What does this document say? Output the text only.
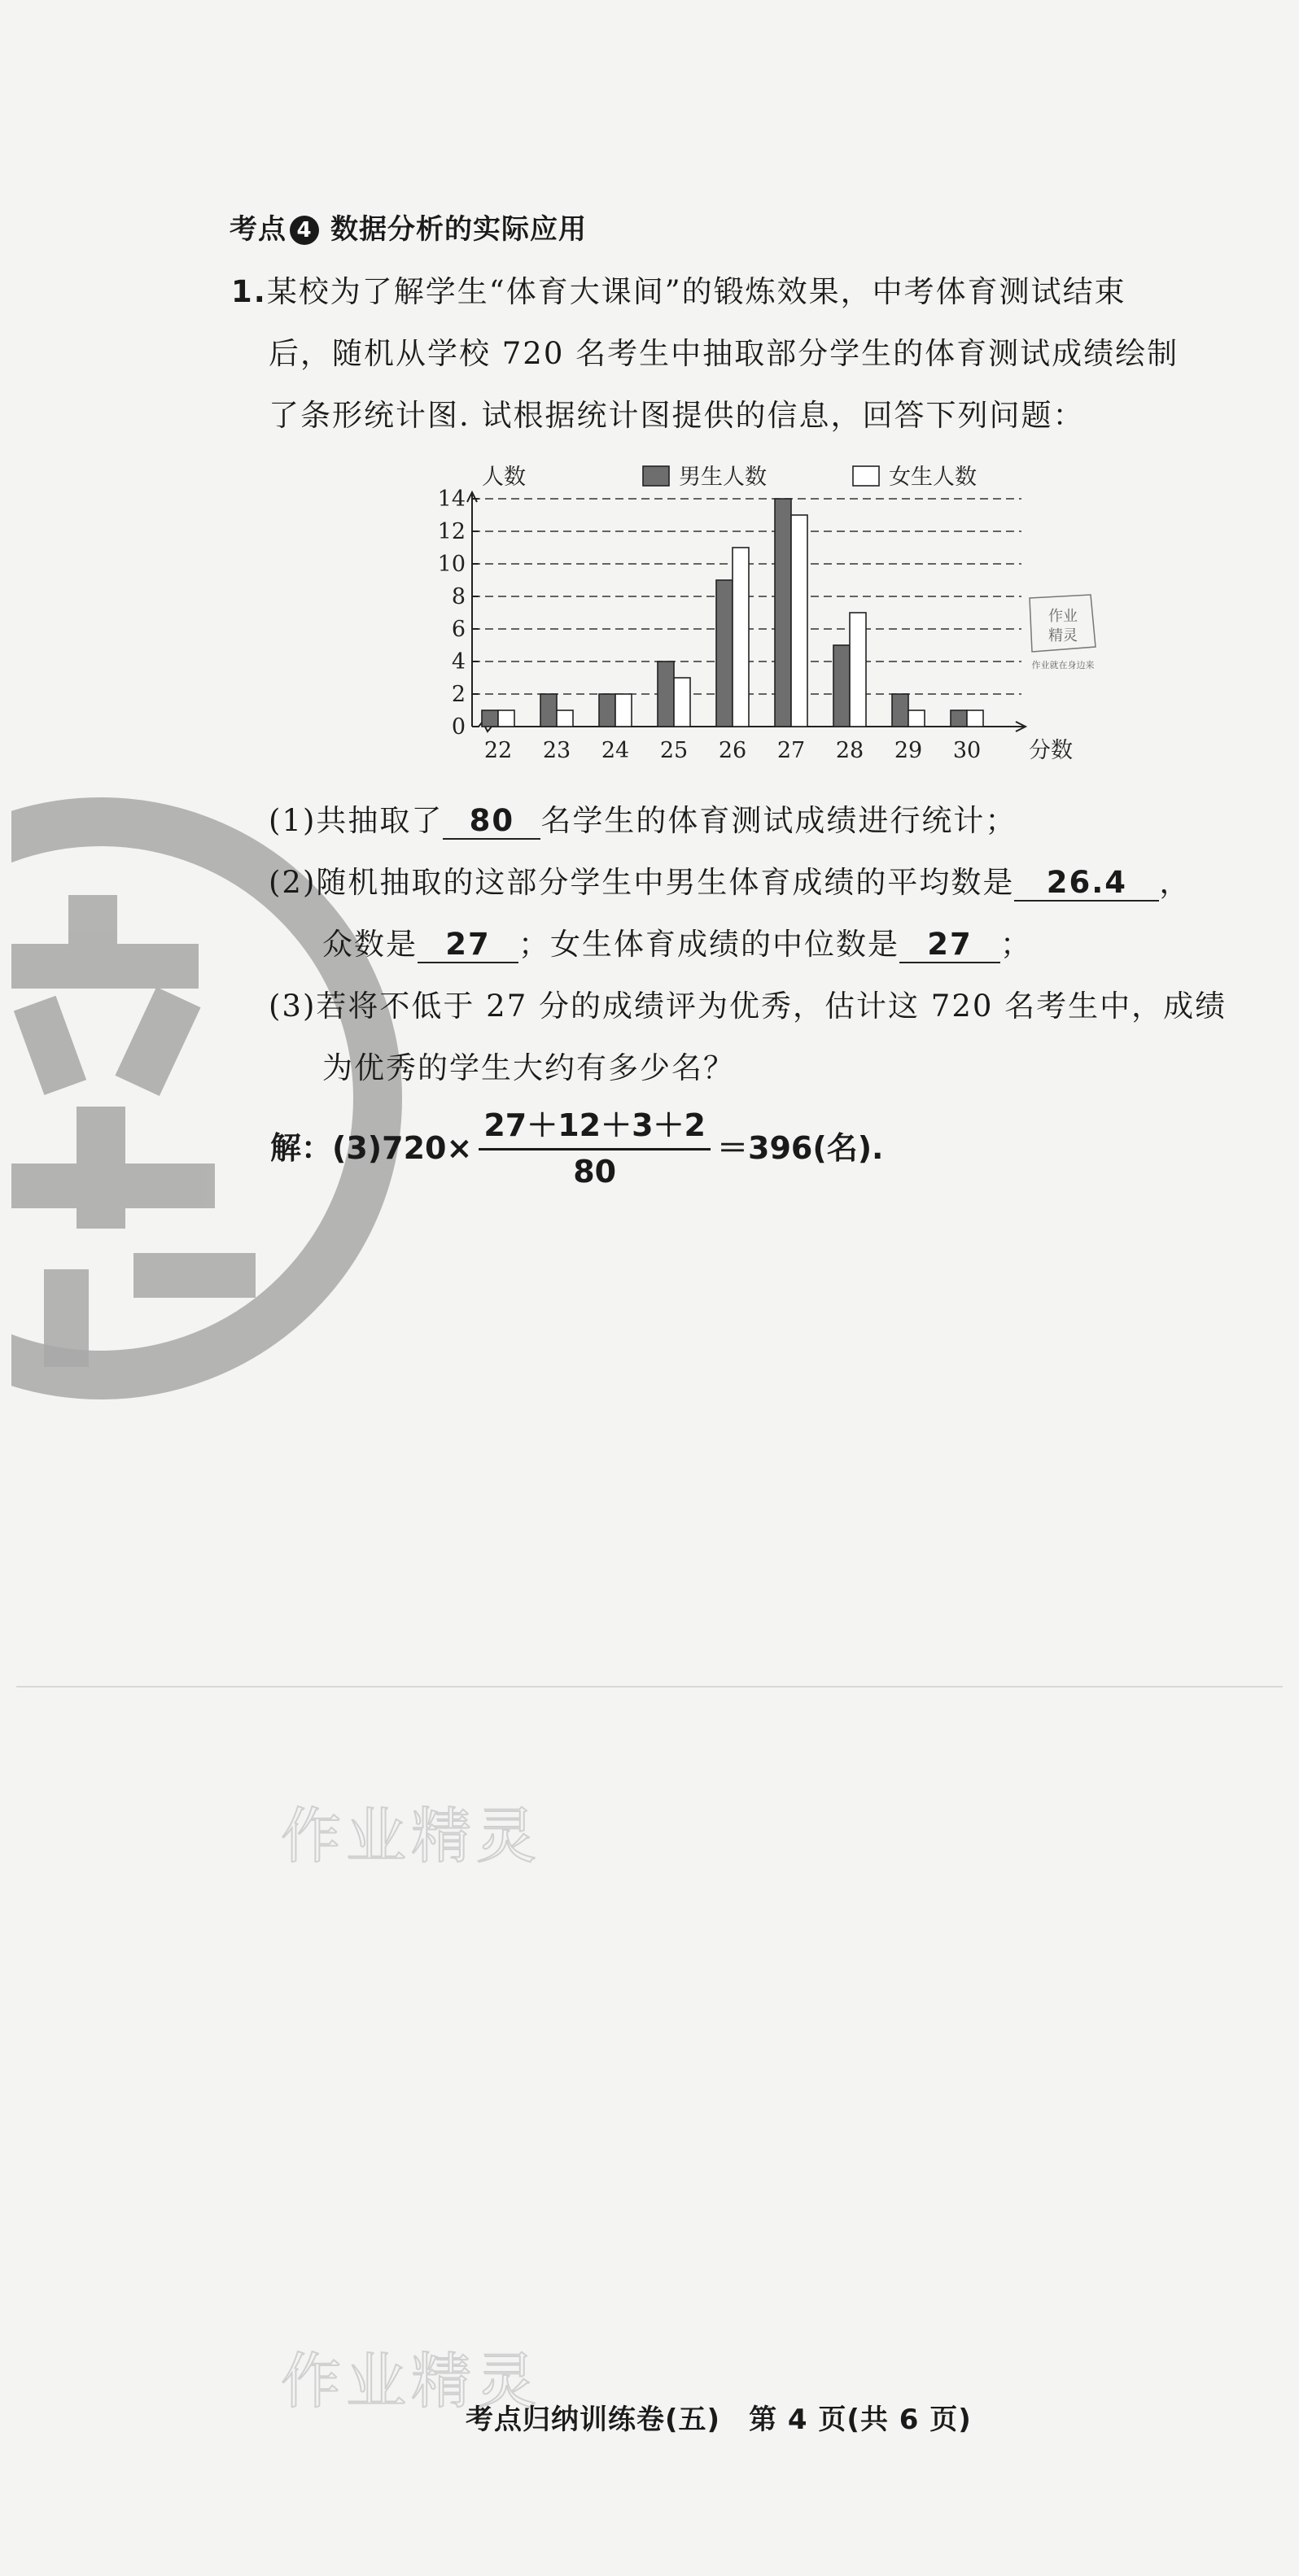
考点 4 数据分析的实际应用
1.某校为了解学生“体育大课间”的锻炼效果，中考体育测试结束
后，随机从学校 720 名考生中抽取部分学生的体育测试成绩绘制
了条形统计图. 试根据统计图提供的信息，回答下列问题：
0
2
4
6
8
10
12
14
人数
分数
22 23 24 25 26 27 28 29 30
男生人数	女生人数
作业
精灵
作业就在身边来
(1)共抽取了 80 名学生的体育测试成绩进行统计；
(2)随机抽取的这部分学生中男生体育成绩的平均数是 26.4 ，
众数是 27 ；女生体育成绩的中位数是 27 ；
(3)若将不低于 27 分的成绩评为优秀，估计这 720 名考生中，成绩
为优秀的学生大约有多少名？
解：$(3)720\times \frac{27+12+3+2}{80} =396$(名).
作业精灵
作业精灵
考点归纳训练卷(五)　第 4 页(共 6 页)
